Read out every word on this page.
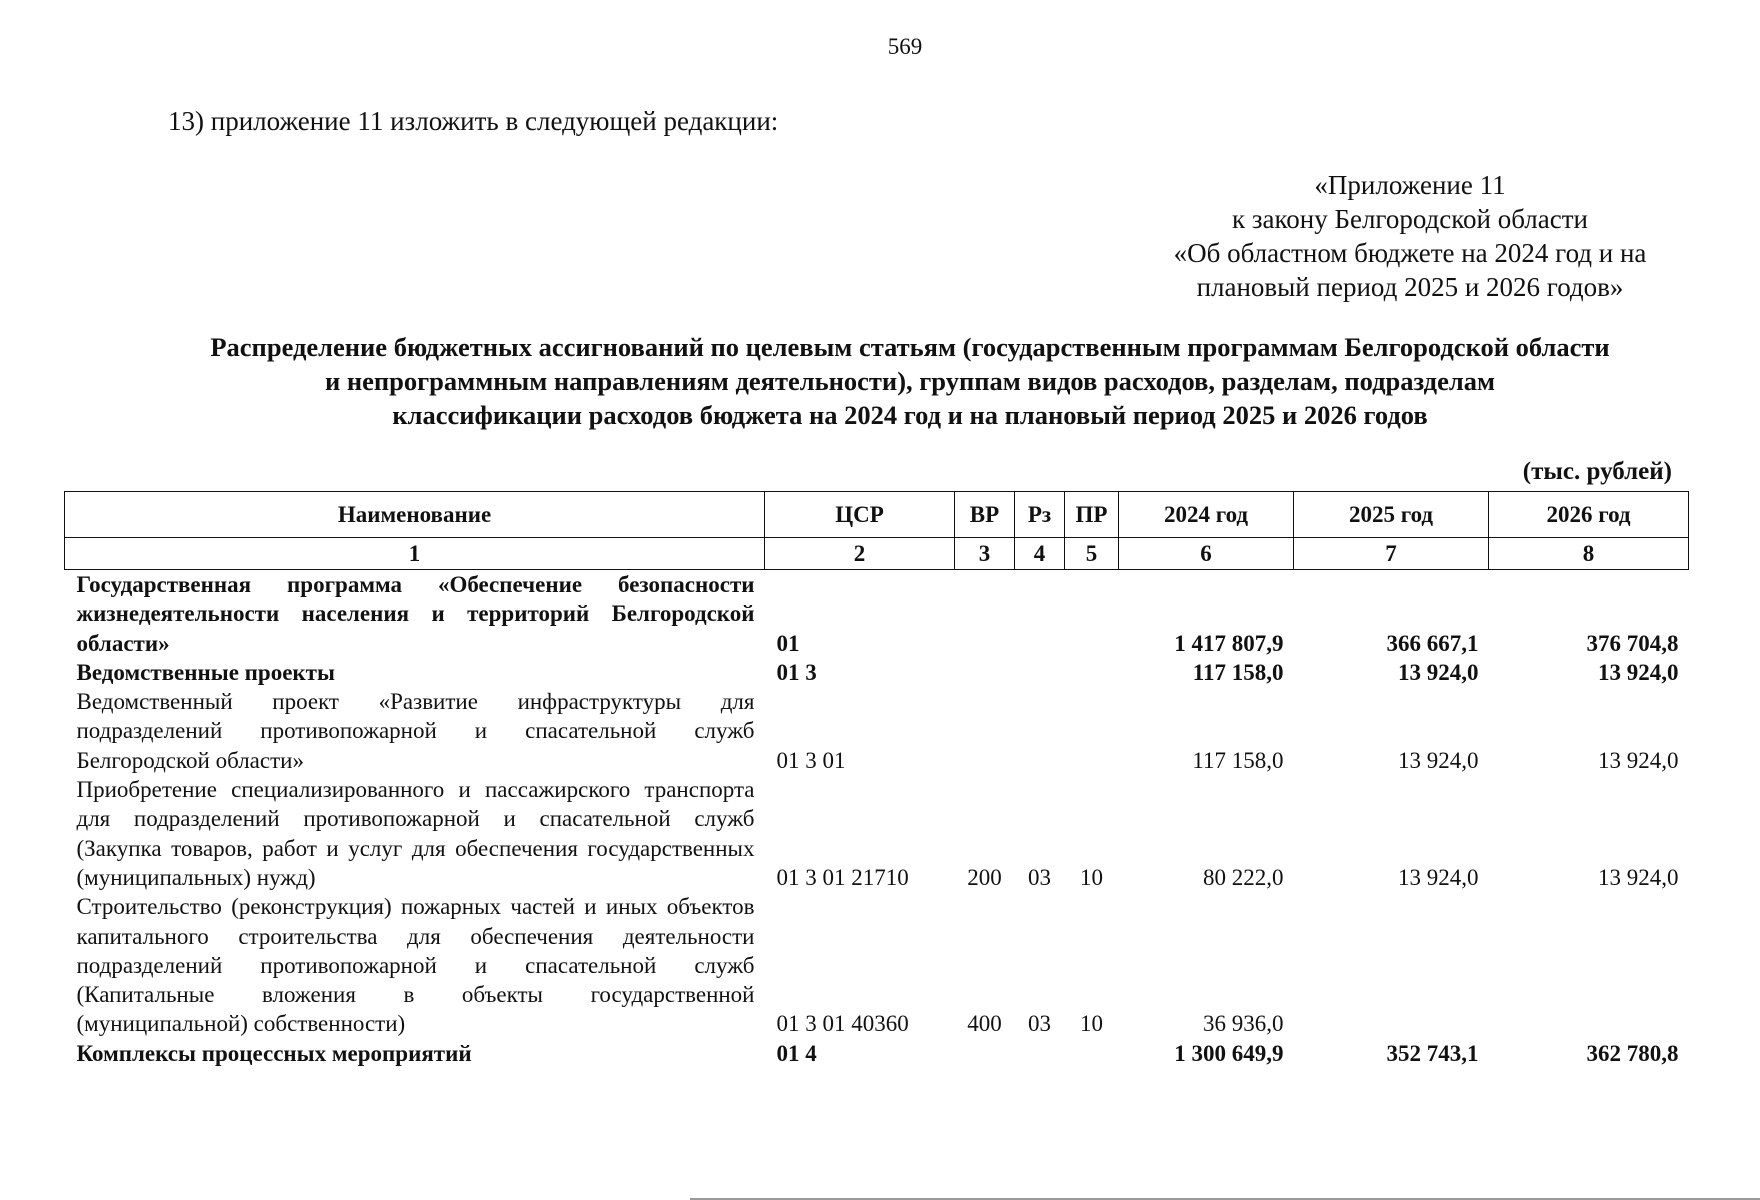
569
13) приложение 11 изложить в следующей редакции:
«Приложение 11
к закону Белгородской области
«Об областном бюджете на 2024 год и на
плановый период 2025 и 2026 годов»
Распределение бюджетных ассигнований по целевым статьям (государственным программам Белгородской области
и непрограммным направлениям деятельности), группам видов расходов, разделам, подразделам
классификации расходов бюджета на 2024 год и на плановый период 2025 и 2026 годов
(тыс. рублей)
Наименование	ЦСР	ВР	Рз	ПР	2024 год	2025 год	2026 год
1	2	3	4	5	6	7	8
Государственная программа «Обеспечение безопасности жизнедеятельности населения и территорий Белгородской области»	01				1 417 807,9	366 667,1	376 704,8
Ведомственные проекты	01 3				117 158,0	13 924,0	13 924,0
Ведомственный проект «Развитие инфраструктуры для подразделений противопожарной и спасательной служб Белгородской области»	01 3 01				117 158,0	13 924,0	13 924,0
Приобретение специализированного и пассажирского транспорта для подразделений противопожарной и спасательной служб (Закупка товаров, работ и услуг для обеспечения государственных (муниципальных) нужд)	01 3 01 21710	200	03	10	80 222,0	13 924,0	13 924,0
Строительство (реконструкция) пожарных частей и иных объектов капитального строительства для обеспечения деятельности подразделений противопожарной и спасательной служб (Капитальные вложения в объекты государственной (муниципальной) собственности)	01 3 01 40360	400	03	10	36 936,0		
Комплексы процессных мероприятий	01 4				1 300 649,9	352 743,1	362 780,8
